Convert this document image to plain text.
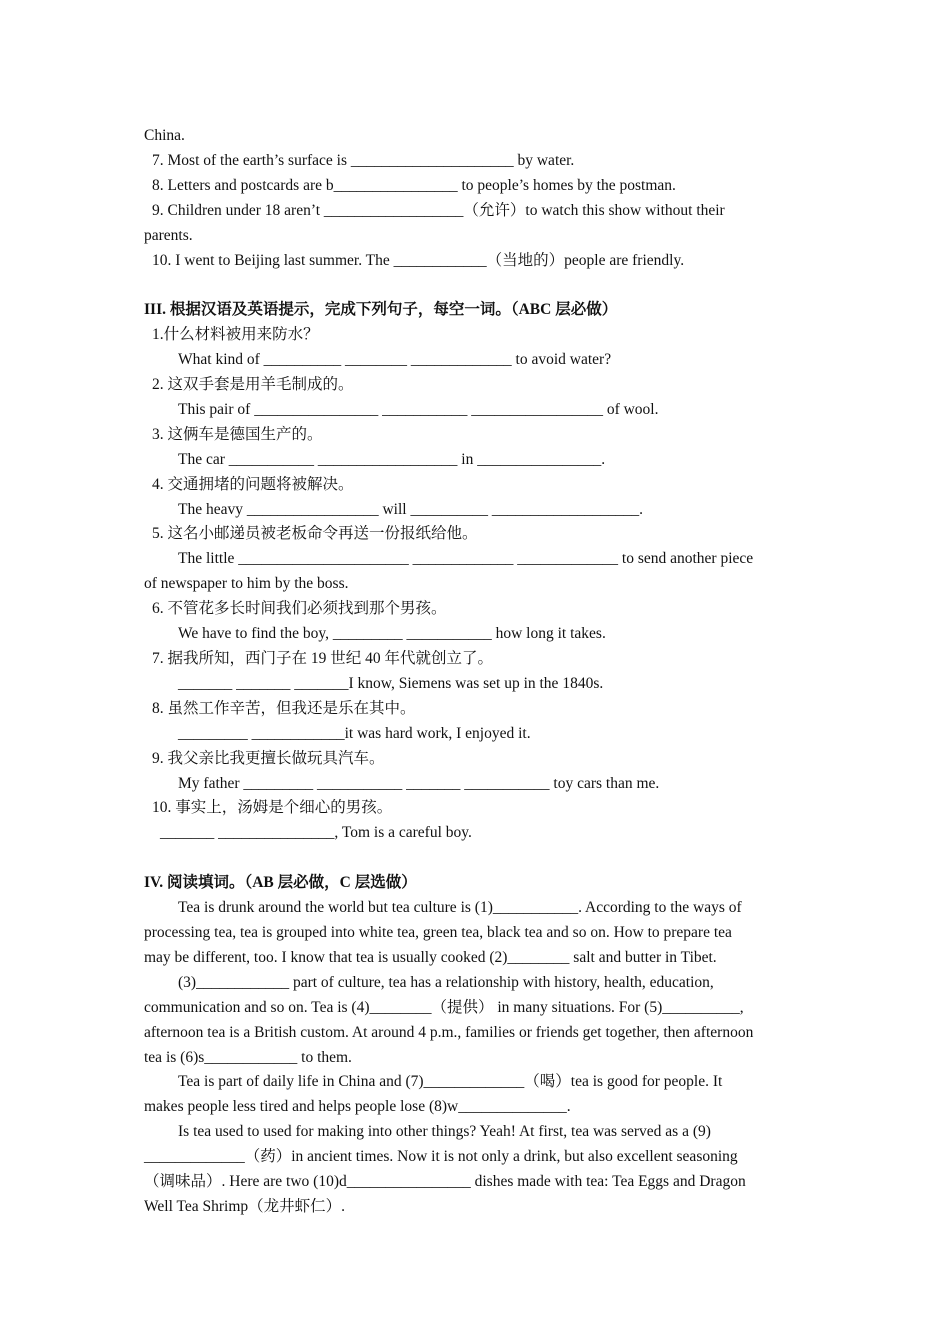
China.

7. Most of the earth’s surface is _____________________ by water.

8. Letters and postcards are b________________ to people’s homes by the postman.

9. Children under 18 aren’t __________________（允许）to watch this show without their

parents.

10. I went to Beijing last summer. The ____________（当地的）people are friendly.

III. 根据汉语及英语提示，完成下列句子，每空一词。（ABC 层必做）

1.什么材料被用来防水？

What kind of __________ ________ _____________ to avoid water?

2. 这双手套是用羊毛制成的。

This pair of ________________ ___________ _________________ of wool.

3. 这俩车是德国生产的。

The car ___________ __________________ in ________________.

4. 交通拥堵的问题将被解决。

The heavy _________________ will __________ ___________________.

5. 这名小邮递员被老板命令再送一份报纸给他。

The little ______________________ _____________ _____________ to send another piece

of newspaper to him by the boss.

6. 不管花多长时间我们必须找到那个男孩。

We have to find the boy, _________ ___________ how long it takes.

7. 据我所知，西门子在 19 世纪 40 年代就创立了。

_______ _______ _______I know, Siemens was set up in the 1840s.

8. 虽然工作辛苦，但我还是乐在其中。

_________ ____________it was hard work, I enjoyed it.

9. 我父亲比我更擅长做玩具汽车。

My father _________ ___________ _______ ___________ toy cars than me.

10. 事实上，汤姆是个细心的男孩。

_______ _______________, Tom is a careful boy.

IV. 阅读填词。（AB 层必做，C 层选做）

Tea is drunk around the world but tea culture is (1)___________. According to the ways of

processing tea, tea is grouped into white tea, green tea, black tea and so on. How to prepare tea

may be different, too. I know that tea is usually cooked (2)________ salt and butter in Tibet.

(3)____________ part of culture, tea has a relationship with history, health, education,

communication and so on. Tea is (4)________（提供） in many situations. For (5)__________,

afternoon tea is a British custom. At around 4 p.m., families or friends get together, then afternoon

tea is (6)s____________ to them.

Tea is part of daily life in China and (7)_____________（喝）tea is good for people. It

makes people less tired and helps people lose (8)w______________.

Is tea used to used for making into other things? Yeah! At first, tea was served as a (9)

_____________（药）in ancient times. Now it is not only a drink, but also excellent seasoning

（调味品）. Here are two (10)d________________ dishes made with tea: Tea Eggs and Dragon

Well Tea Shrimp（龙井虾仁）.
